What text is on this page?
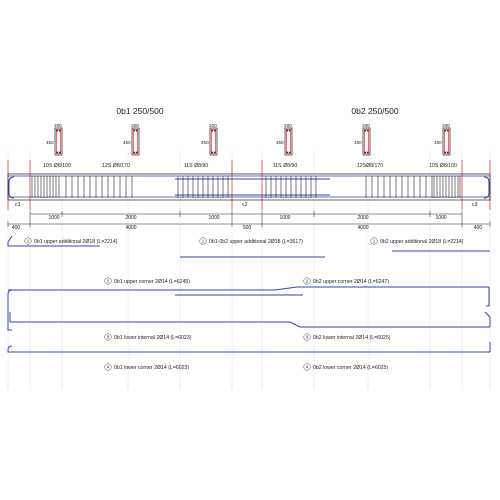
0b1 250/500	0b2 250/500
200
450
200
450
200
450
200
450
200
450
200
450
10S Ø8/100	12S Ø8/170	11S Ø8/90	11S Ø8/90	12SØ8/170	10S Ø8/100
c1	c2	c3
1000	2000	1000	1000	2000	1000
400	4000	500	4000	400
1	1	1
2	2
3	3
4	4
0b1 upper additional 2Ø18 (L=2214)	0b1-0b2 upper additional 2Ø18 (L=3617)	0b2 upper additional 2Ø18 (L=2214)
0b1 upper corner 2Ø14 (L=6245)	0b2 upper corner 2Ø14 (L=6247)
0b1 lower internal 2Ø14 (L=6023)	0b2 lower internal 2Ø14 (L=6025)
0b1 lower corner 2Ø14 (L=6023)	0b2 lower corner 2Ø14 (L=6025)
